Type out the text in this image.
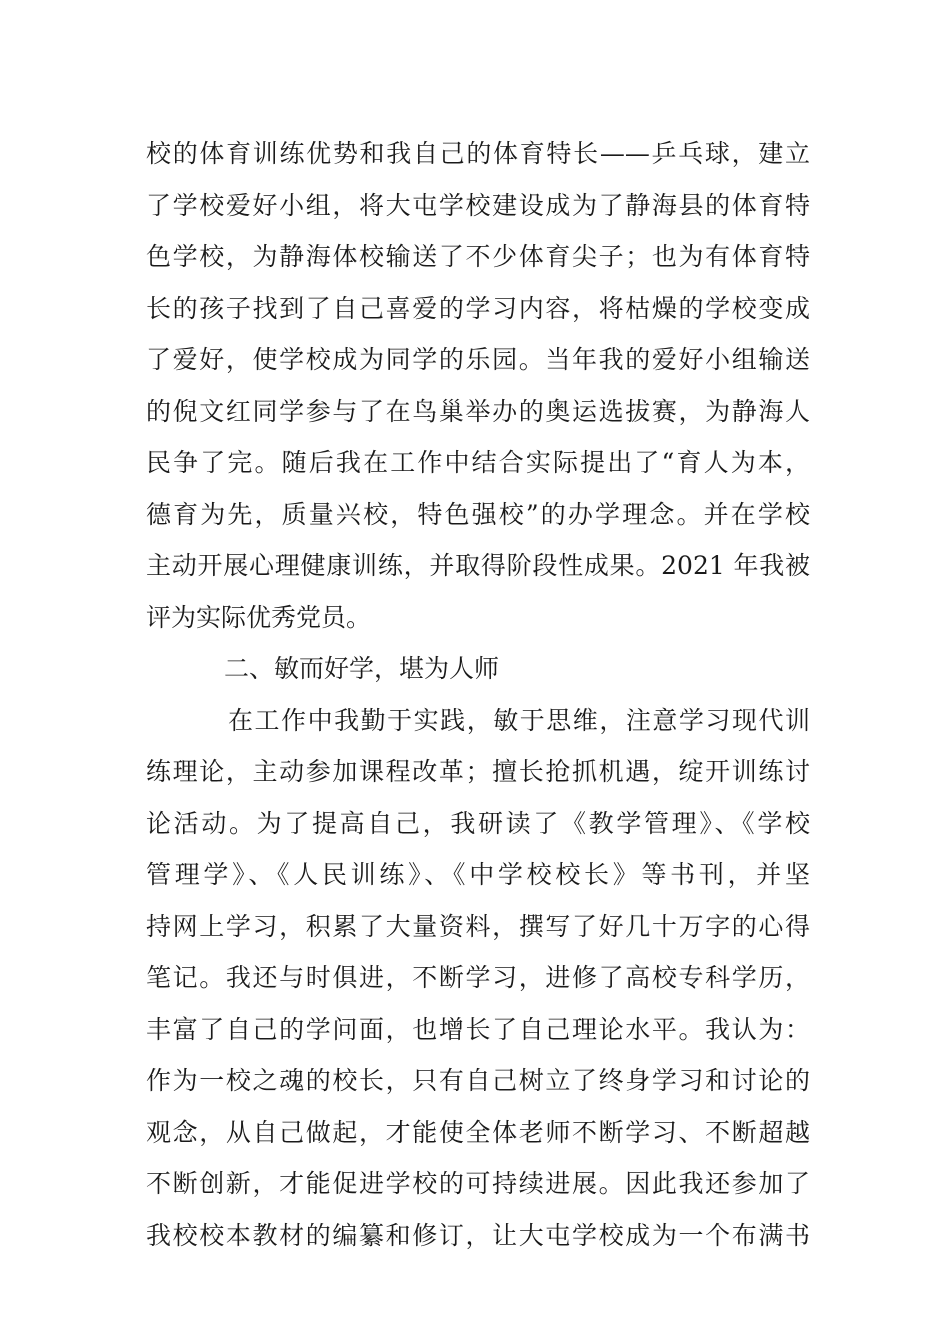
校的体育训练优势和我自己的体育特长——乒乓球，建立
了学校爱好小组，将大屯学校建设成为了静海县的体育特
色学校，为静海体校输送了不少体育尖子；也为有体育特
长的孩子找到了自己喜爱的学习内容，将枯燥的学校变成
了爱好，使学校成为同学的乐园。当年我的爱好小组输送
的倪文红同学参与了在鸟巢举办的奥运选拔赛，为静海人
民争了完。随后我在工作中结合实际提出了“育人为本，
德育为先，质量兴校，特色强校”的办学理念。并在学校
主动开展心理健康训练，并取得阶段性成果。2021 年我被
评为实际优秀党员。
二、敏而好学，堪为人师
在工作中我勤于实践，敏于思维，注意学习现代训
练理论，主动参加课程改革；擅长抢抓机遇，绽开训练讨
论活动。为了提高自己，我研读了《教学管理》、《学校
管理学》、《人民训练》、《中学校校长》等书刊，并坚
持网上学习，积累了大量资料，撰写了好几十万字的心得
笔记。我还与时俱进，不断学习，进修了高校专科学历，
丰富了自己的学问面，也增长了自己理论水平。我认为：
作为一校之魂的校长，只有自己树立了终身学习和讨论的
观念，从自己做起，才能使全体老师不断学习、不断超越
不断创新，才能促进学校的可持续进展。因此我还参加了
我校校本教材的编纂和修订，让大屯学校成为一个布满书
